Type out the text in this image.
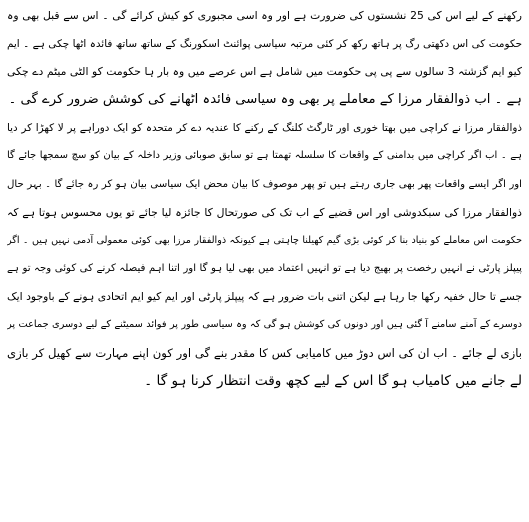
رکھنے کے لیے اس کی 25 نشستوں کی ضرورت ہے اور وہ اسی مجبوری کو کیش کرائے گی ۔ اس سے قبل بھی وہ
حکومت کی اس دکھتی رگ پر ہاتھ رکھ کر کئی مرتبہ سیاسی پوائنٹ اسکورنگ کے ساتھ ساتھ فائدہ اٹھا چکی ہے ۔ ایم
کیو ایم گزشتہ 3 سالوں سے پی پی حکومت میں شامل ہے اس عرصے میں وہ بار ہا حکومت کو الٹی میٹم دے چکی
ہے ۔ اب ذوالفقار مرزا کے معاملے پر بھی وہ سیاسی فائدہ اٹھانے کی کوشش ضرور کرے گی ۔
ذوالفقار مرزا نے کراچی میں بھتا خوری اور ٹارگٹ کلنگ کے رکنے کا عندیہ دے کر متحدہ کو ایک دوراہے پر لا کھڑا کر دیا
ہے ۔ اب اگر کراچی میں بدامنی کے واقعات کا سلسلہ تھمتا ہے تو سابق صوبائی وزیر داخلہ کے بیان کو سچ سمجھا جائے گا
اور اگر ایسے واقعات پھر بھی جاری رہتے ہیں تو پھر موصوف کا بیان محض ایک سیاسی بیان ہو کر رہ جائے گا ۔ بہر حال
ذوالفقار مرزا کی سبکدوشی اور اس قضیے کے اب تک کی صورتحال کا جائزہ لیا جائے تو یوں محسوس ہوتا ہے کہ
حکومت اس معاملے کو بنیاد بنا کر کوئی بڑی گیم کھیلنا چاہتی ہے کیونکہ ذوالفقار مرزا بھی کوئی معمولی آدمی نہیں ہیں ۔ اگر
پیپلز پارٹی نے انہیں رخصت پر بھیج دیا ہے تو انہیں اعتماد میں بھی لیا ہو گا اور اتنا اہم فیصلہ کرنے کی کوئی وجہ تو ہے
جسے تا حال خفیہ رکھا جا رہا ہے لیکن اتنی بات ضرور ہے کہ پیپلز پارٹی اور ایم کیو ایم اتحادی ہونے کے باوجود ایک
دوسرے کے آمنے سامنے آ گئی ہیں اور دونوں کی کوشش ہو گی کہ وہ سیاسی طور پر فوائد سمیٹنے کے لیے دوسری جماعت پر
بازی لے جائے ۔ اب ان کی اس دوڑ میں کامیابی کس کا مقدر بنے گی اور کون اپنے مہارت سے کھیل کر بازی
لے جانے میں کامیاب ہو گا اس کے لیے کچھ وقت انتظار کرنا ہو گا ۔
